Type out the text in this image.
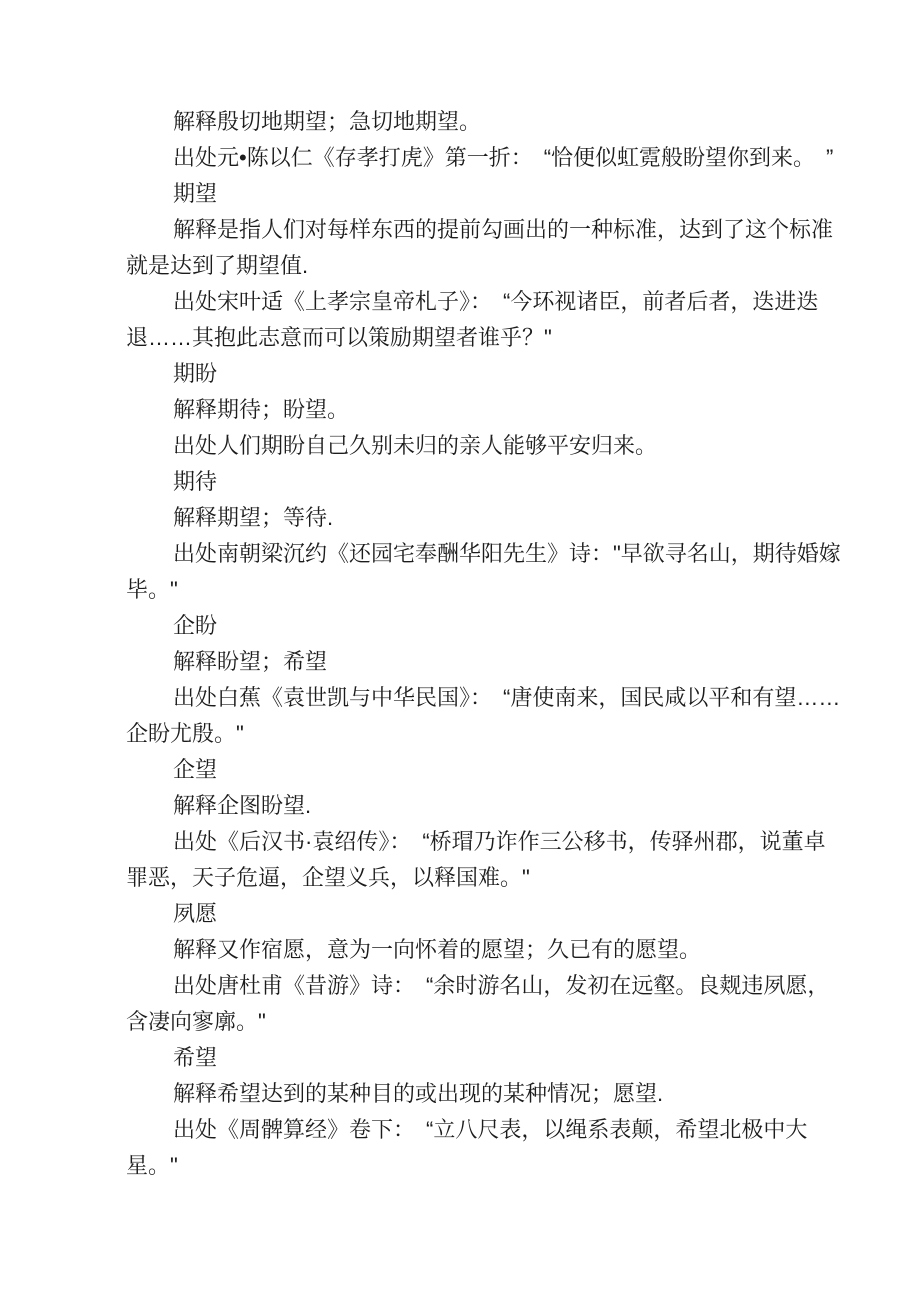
解释殷切地期望；急切地期望。

出处元•陈以仁《存孝打虎》第一折：　“恰便似虹霓般盼望你到来。　”

期望

解释是指人们对每样东西的提前勾画出的一种标准，达到了这个标准就是达到了期望值.

出处宋叶适《上孝宗皇帝札子》：　“今环视诸臣，前者后者，迭进迭退……其抱此志意而可以策励期望者谁乎？"

期盼

解释期待；盼望。

出处人们期盼自己久别未归的亲人能够平安归来。

期待

解释期望；等待.

出处南朝梁沉约《还园宅奉酬华阳先生》诗："早欲寻名山，期待婚嫁毕。"

企盼

解释盼望；希望

出处白蕉《袁世凯与中华民国》：　“唐使南来，国民咸以平和有望……企盼尤殷。"

企望

解释企图盼望.

出处《后汉书·袁绍传》：　“桥瑁乃诈作三公移书，传驿州郡，说董卓罪恶，天子危逼，企望义兵，以释国难。"

夙愿

解释又作宿愿，意为一向怀着的愿望；久已有的愿望。

出处唐杜甫《昔游》诗：　“余时游名山，发初在远壑。良觌违夙愿，含凄向寥廓。"

希望

解释希望达到的某种目的或出现的某种情况；愿望.

出处《周髀算经》卷下：　“立八尺表，以绳系表颠，希望北极中大星。"
